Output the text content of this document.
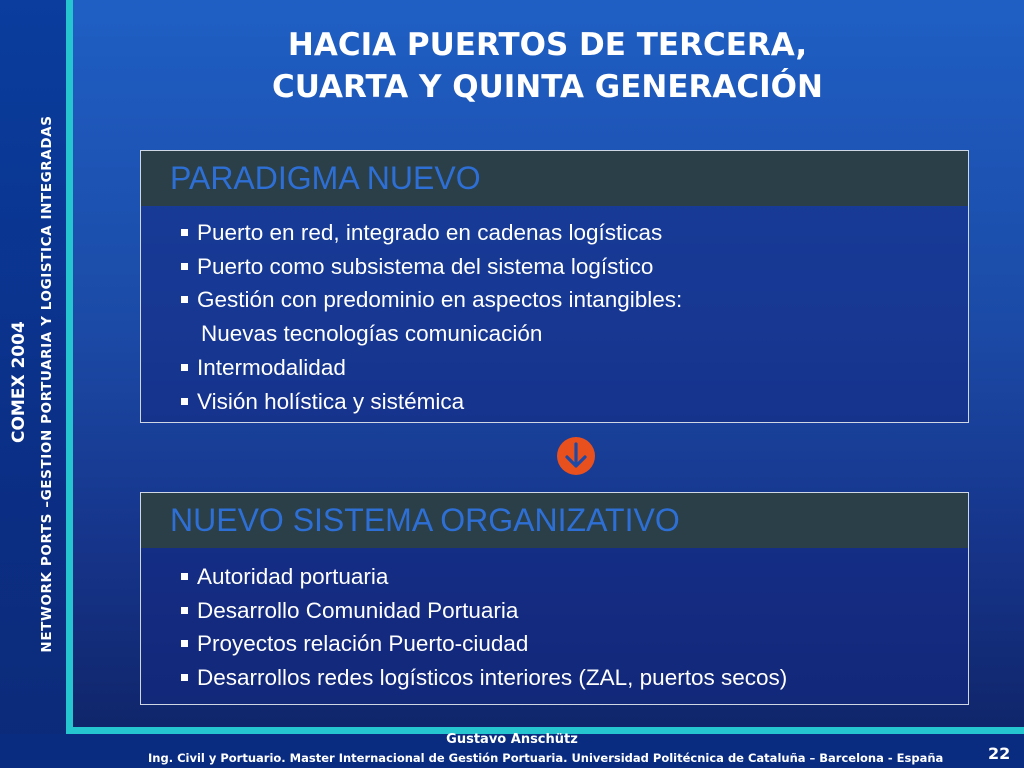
COMEX 2004 NETWORK PORTS –GESTION PORTUARIA Y LOGISTICA INTEGRADAS
HACIA PUERTOS DE TERCERA,
CUARTA Y QUINTA GENERACIÓN
PARADIGMA NUEVO
Puerto en red, integrado en cadenas logísticas
Puerto como subsistema del sistema logístico
Gestión con predominio en aspectos intangibles:
Nuevas tecnologías comunicación
Intermodalidad
Visión holística y sistémica
NUEVO SISTEMA ORGANIZATIVO
Autoridad portuaria
Desarrollo Comunidad Portuaria
Proyectos relación Puerto-ciudad
Desarrollos redes logísticos interiores (ZAL, puertos secos)
Gustavo Anschütz
Ing. Civil y Portuario. Master Internacional de Gestión Portuaria. Universidad Politécnica de Cataluña – Barcelona - España	22
